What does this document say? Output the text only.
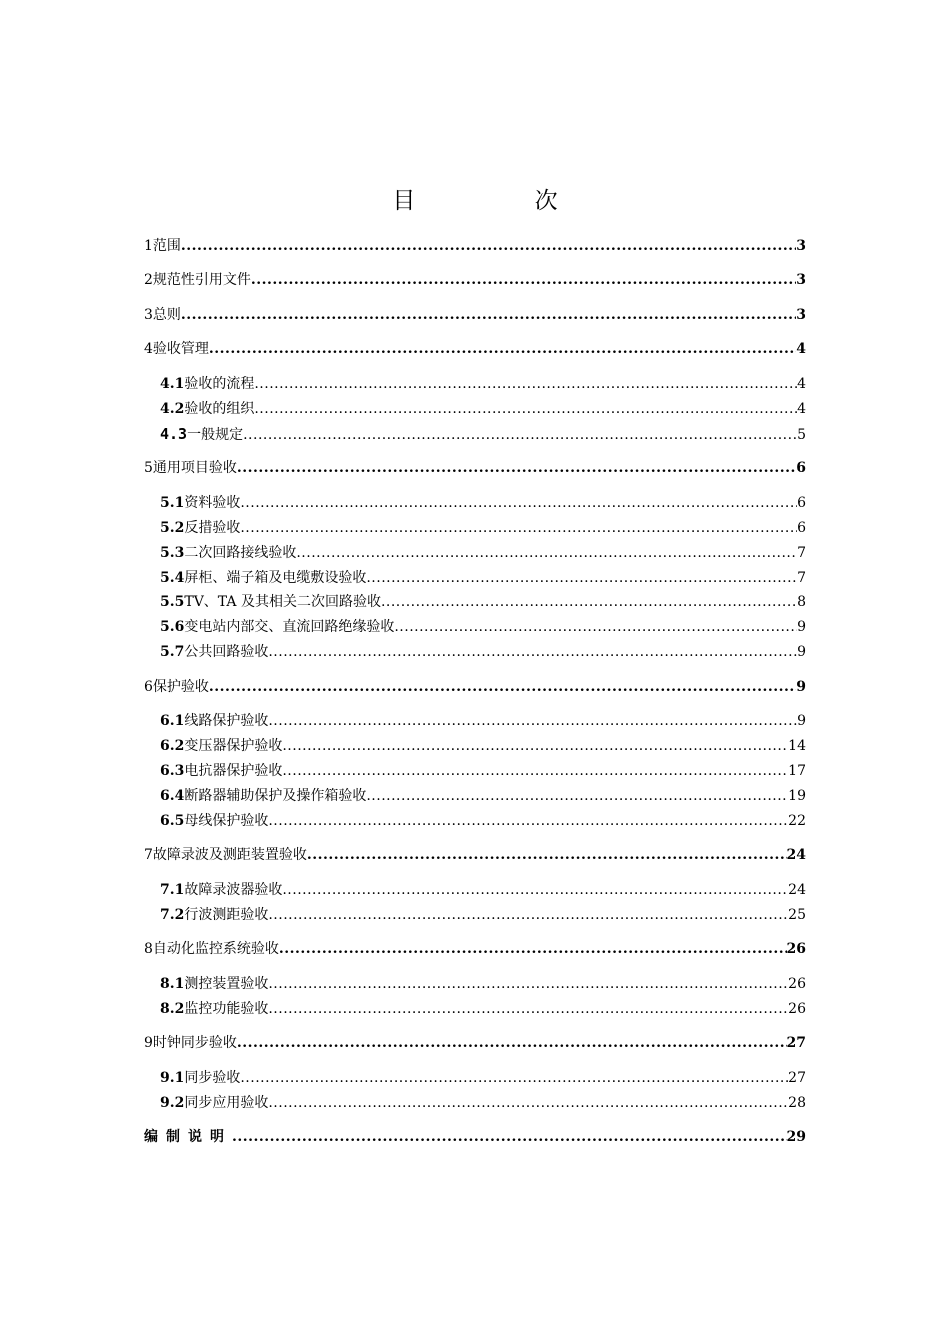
目 次
1 范围 .....	3
2 规范性引用文件 .....	3
3 总则 .....	3
4 验收管理 .....	4
4.1 验收的流程 .....	4
4.2 验收的组织 .....	4
4.3 一般规定 .....	5
5 通用项目验收 .....	6
5.1 资料验收 .....	6
5.2 反措验收 .....	6
5.3 二次回路接线验收 .....	7
5.4 屏柜、端子箱及电缆敷设验收 .....	7
5.5 TV、TA 及其相关二次回路验收 .....	8
5.6 变电站内部交、直流回路绝缘验收 .....	9
5.7 公共回路验收 .....	9
6 保护验收 .....	9
6.1 线路保护验收 .....	9
6.2 变压器保护验收 .....	14
6.3 电抗器保护验收 .....	17
6.4 断路器辅助保护及操作箱验收 .....	19
6.5 母线保护验收 .....	22
7 故障录波及测距装置验收 .....	24
7.1 故障录波器验收 .....	24
7.2 行波测距验收 .....	25
8 自动化监控系统验收 .....	26
8.1 测控装置验收 .....	26
8.2 监控功能验收 .....	26
9 时钟同步验收 .....	27
9.1 同步验收 .....	27
9.2 同步应用验收 .....	28
编制说明 .....	29
